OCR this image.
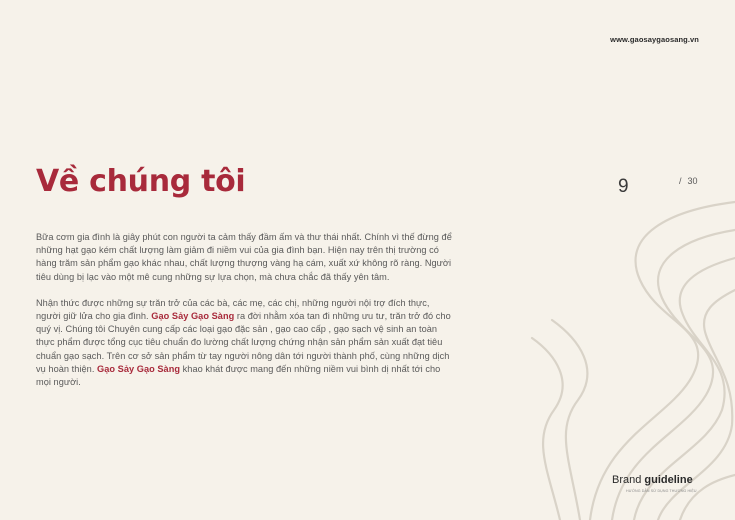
www.gaosaygaosang.vn
Về chúng tôi	9	/ 30

Bữa cơm gia đình là giây phút con người ta cảm thấy đầm ấm và thư thái nhất. Chính vì thế đừng để những hạt gạo kém chất lượng làm giảm đi niềm vui của gia đình bạn. Hiện nay trên thị trường có hàng trăm sản phẩm gạo khác nhau, chất lượng thượng vàng hạ cám, xuất xứ không rõ ràng. Người tiêu dùng bị lạc vào một mê cung những sự lựa chọn, mà chưa chắc đã thấy yên tâm.

Nhận thức được những sự trăn trở của các bà, các mẹ, các chị, những người nội trợ đích thực, người giữ lửa cho gia đình. Gạo Sảy Gạo Sàng ra đời nhằm xóa tan đi những ưu tư, trăn trở đó cho quý vị. Chúng tôi Chuyên cung cấp các loại gạo đặc sản , gạo cao cấp , gạo sạch vệ sinh an toàn thực phẩm được tổng cục tiêu chuẩn đo lường chất lượng chứng nhận sản phẩm sản xuất đạt tiêu chuẩn gạo sạch. Trên cơ sở sản phẩm từ tay người nông dân tới người thành phố, cùng những dịch vụ hoàn thiện. Gạo Sảy Gạo Sàng khao khát được mang đến những niềm vui bình dị nhất tới cho mọi người.

Brand guideline
HƯỚNG DẪN SỬ DỤNG THƯƠNG HIỆU
